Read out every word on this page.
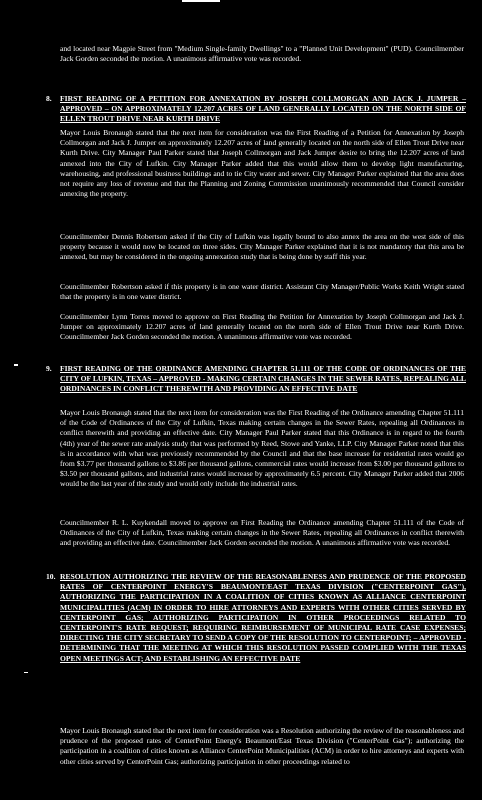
and located near Magpie Street from "Medium Single-family Dwellings" to a "Planned Unit Development" (PUD). Councilmember Jack Gorden seconded the motion. A unanimous affirmative vote was recorded.

8.	FIRST READING OF A PETITION FOR ANNEXATION BY JOSEPH COLLMORGAN AND JACK J. JUMPER – APPROVED – ON APPROXIMATELY 12.207 ACRES OF LAND GENERALLY LOCATED ON THE NORTH SIDE OF ELLEN TROUT DRIVE NEAR KURTH DRIVE

Mayor Louis Bronaugh stated that the next item for consideration was the First Reading of a Petition for Annexation by Joseph Collmorgan and Jack J. Jumper on approximately 12.207 acres of land generally located on the north side of Ellen Trout Drive near Kurth Drive. City Manager Paul Parker stated that Joseph Collmorgan and Jack Jumper desire to bring the 12.207 acres of land annexed into the City of Lufkin. City Manager Parker added that this would allow them to develop light manufacturing, warehousing, and professional business buildings and to tie City water and sewer. City Manager Parker explained that the area does not require any loss of revenue and that the Planning and Zoning Commission unanimously recommended that Council consider annexing the property.

Councilmember Dennis Robertson asked if the City of Lufkin was legally bound to also annex the area on the west side of this property because it would now be located on three sides. City Manager Parker explained that it is not mandatory that this area be annexed, but may be considered in the ongoing annexation study that is being done by staff this year.

Councilmember Robertson asked if this property is in one water district. Assistant City Manager/Public Works Keith Wright stated that the property is in one water district.

Councilmember Lynn Torres moved to approve on First Reading the Petition for Annexation by Joseph Collmorgan and Jack J. Jumper on approximately 12.207 acres of land generally located on the north side of Ellen Trout Drive near Kurth Drive. Councilmember Jack Gorden seconded the motion. A unanimous affirmative vote was recorded.

9.	FIRST READING OF THE ORDINANCE AMENDING CHAPTER 51.111 OF THE CODE OF ORDINANCES OF THE CITY OF LUFKIN, TEXAS – APPROVED - MAKING CERTAIN CHANGES IN THE SEWER RATES, REPEALING ALL ORDINANCES IN CONFLICT THEREWITH AND PROVIDING AN EFFECTIVE DATE

Mayor Louis Bronaugh stated that the next item for consideration was the First Reading of the Ordinance amending Chapter 51.111 of the Code of Ordinances of the City of Lufkin, Texas making certain changes in the Sewer Rates, repealing all Ordinances in conflict therewith and providing an effective date. City Manager Paul Parker stated that this Ordinance is in regard to the fourth (4th) year of the sewer rate analysis study that was performed by Reed, Stowe and Yanke, LLP. City Manager Parker noted that this is in accordance with what was previously recommended by the Council and that the base increase for residential rates would go from $3.77 per thousand gallons to $3.86 per thousand gallons, commercial rates would increase from $3.00 per thousand gallons to $3.50 per thousand gallons, and industrial rates would increase by approximately 6.5 percent. City Manager Parker added that 2006 would be the last year of the study and would only include the industrial rates.

Councilmember R. L. Kuykendall moved to approve on First Reading the Ordinance amending Chapter 51.111 of the Code of Ordinances of the City of Lufkin, Texas making certain changes in the Sewer Rates, repealing all Ordinances in conflict therewith and providing an effective date. Councilmember Jack Gorden seconded the motion. A unanimous affirmative vote was recorded.

10. RESOLUTION AUTHORIZING THE REVIEW OF THE REASONABLENESS AND PRUDENCE OF THE PROPOSED RATES OF CENTERPOINT ENERGY'S BEAUMONT/EAST TEXAS DIVISION ("CENTERPOINT GAS"), AUTHORIZING THE PARTICIPATION IN A COALITION OF CITIES KNOWN AS ALLIANCE CENTERPOINT MUNICIPALITIES (ACM) IN ORDER TO HIRE ATTORNEYS AND EXPERTS WITH OTHER CITIES SERVED BY CENTERPOINT GAS; AUTHORIZING PARTICIPATION IN OTHER PROCEEDINGS RELATED TO CENTERPOINT'S RATE REQUEST; REQUIRING REIMBURSEMENT OF MUNICIPAL RATE CASE EXPENSES; DIRECTING THE CITY SECRETARY TO SEND A COPY OF THE RESOLUTION TO CENTERPOINT; – APPROVED - DETERMINING THAT THE MEETING AT WHICH THIS RESOLUTION PASSED COMPLIED WITH THE TEXAS OPEN MEETINGS ACT; AND ESTABLISHING AN EFFECTIVE DATE

Mayor Louis Bronaugh stated that the next item for consideration was a Resolution authorizing the review of the reasonableness and prudence of the proposed rates of CenterPoint Energy's Beaumont/East Texas Division ("CenterPoint Gas"); authorizing the participation in a coalition of cities known as Alliance CenterPoint Municipalities (ACM) in order to hire attorneys and experts with other cities served by CenterPoint Gas; authorizing participation in other proceedings related to
